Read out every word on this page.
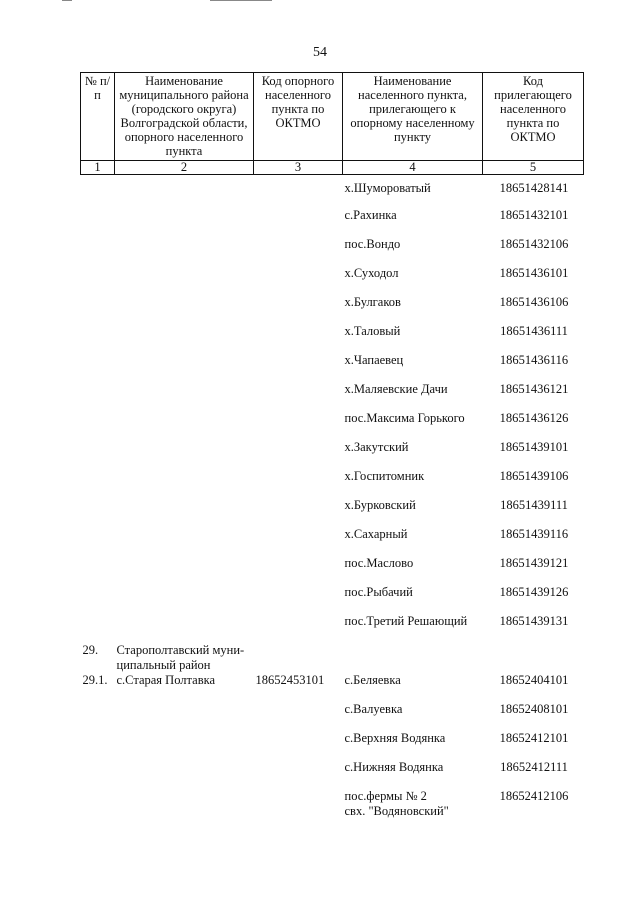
54
№ п/п	Наименование муниципального района (городского округа) Волгоградской области, опорного населенного пункта	Код опорного населенного пункта по ОКТМО	Наименование населенного пункта, прилегающего к опорному населенному пункту	Код прилегающего населенного пункта по ОКТМО
1	2	3	4	5
			х.Шумороватый	18651428141
			с.Рахинка	18651432101
			пос.Вондо	18651432106
			х.Суходол	18651436101
			х.Булгаков	18651436106
			х.Таловый	18651436111
			х.Чапаевец	18651436116
			х.Маляевские Дачи	18651436121
			пос.Максима Горького	18651436126
			х.Закутский	18651439101
			х.Госпитомник	18651439106
			х.Бурковский	18651439111
			х.Сахарный	18651439116
			пос.Маслово	18651439121
			пос.Рыбачий	18651439126
			пос.Третий Решающий	18651439131
29.	Старополтавский муни-
ципальный район			
29.1.	с.Старая Полтавка	18652453101	с.Беляевка	18652404101
			с.Валуевка	18652408101
			с.Верхняя Водянка	18652412101
			с.Нижняя Водянка	18652412111
			пос.фермы № 2
свх. "Водяновский"	18652412106
